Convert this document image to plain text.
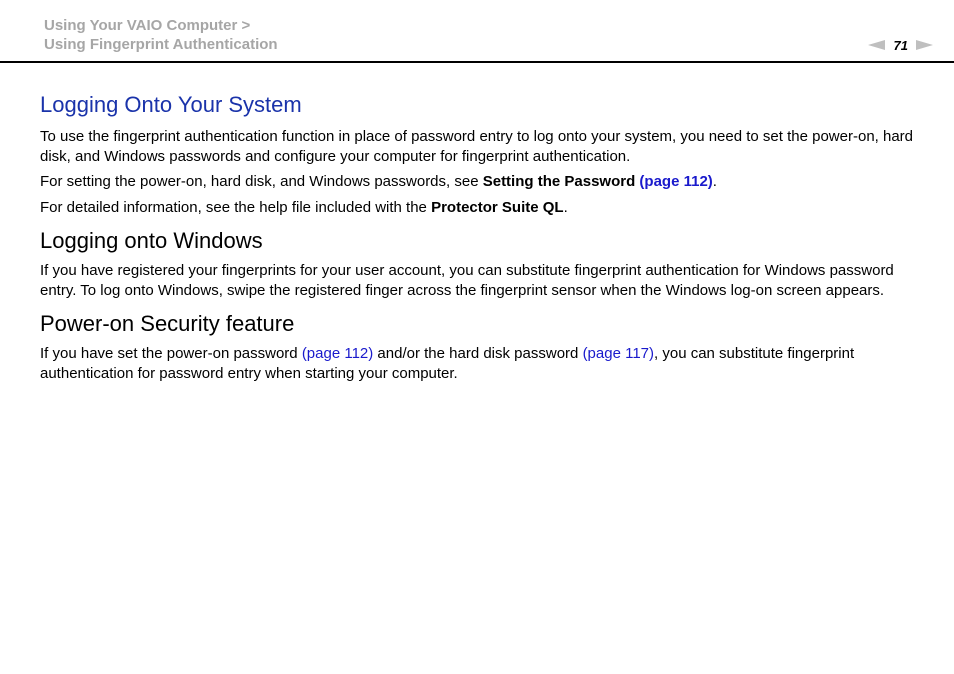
Using Your VAIO Computer >
Using Fingerprint Authentication	71
Logging Onto Your System

To use the fingerprint authentication function in place of password entry to log onto your system, you need to set the power-on, hard disk, and Windows passwords and configure your computer for fingerprint authentication.

For setting the power-on, hard disk, and Windows passwords, see Setting the Password (page 112).

For detailed information, see the help file included with the Protector Suite QL.

Logging onto Windows

If you have registered your fingerprints for your user account, you can substitute fingerprint authentication for Windows password entry. To log onto Windows, swipe the registered finger across the fingerprint sensor when the Windows log-on screen appears.

Power-on Security feature

If you have set the power-on password (page 112) and/or the hard disk password (page 117), you can substitute fingerprint authentication for password entry when starting your computer.
